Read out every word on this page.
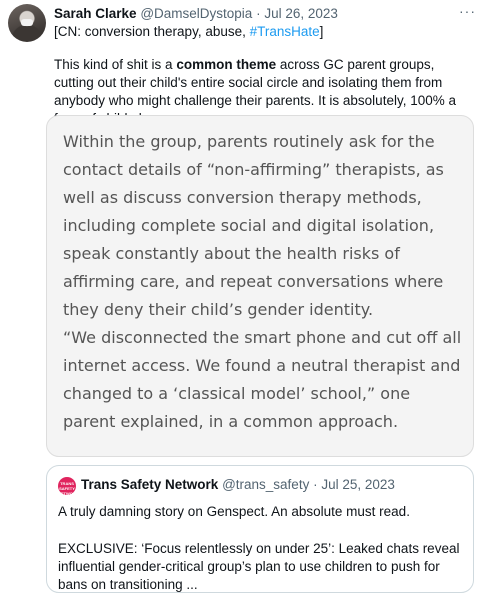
Sarah Clarke @DamselDystopia · Jul 26, 2023	···
[CN: conversion therapy, abuse, #TransHate]
This kind of shit is a common theme across GC parent groups, cutting out their child's entire social circle and isolating them from anybody who might challenge their parents. It is absolutely, 100% a

Within the group, parents routinely ask for the contact details of “non-affirming” therapists, as well as discuss conversion therapy methods, including complete social and digital isolation, speak constantly about the health risks of affirming care, and repeat conversations where they deny their child’s gender identity.

“We disconnected the smart phone and cut off all internet access. We found a neutral therapist and changed to a ‘classical model’ school,” one parent explained, in a common approach.

TRANS SAFETY NETWORK
Trans Safety Network @trans_safety · Jul 25, 2023
A truly damning story on Genspect. An absolute must read.
EXCLUSIVE: ‘Focus relentlessly on under 25’: Leaked chats reveal influential gender-critical group’s plan to use children to push for bans on transitioning ...
